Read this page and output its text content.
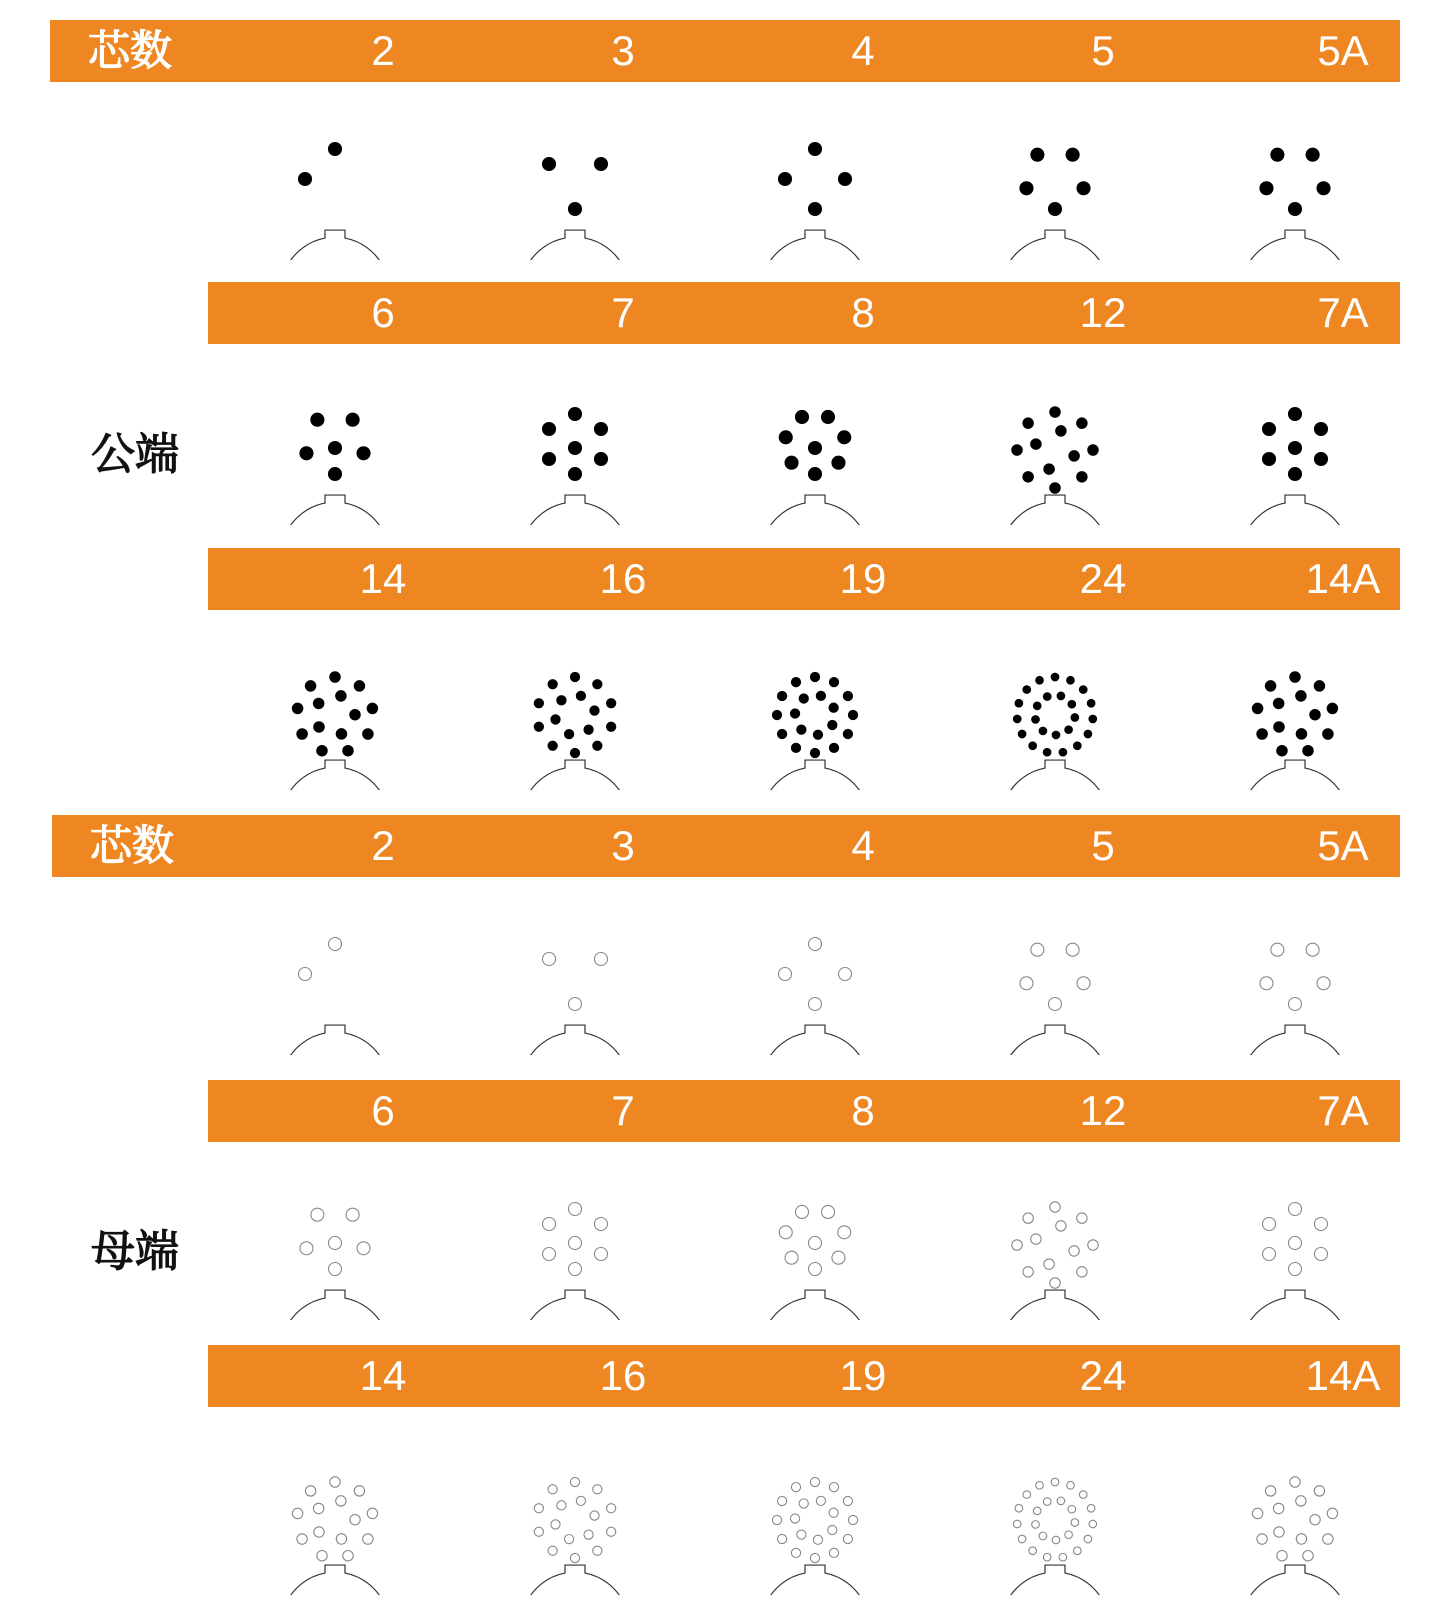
芯数	2	3	4	5	5A
6	7	8	12	7A
公端
14	16	19	24	14A
芯数	2	3	4	5	5A
6	7	8	12	7A
母端
14	16	19	24	14A
